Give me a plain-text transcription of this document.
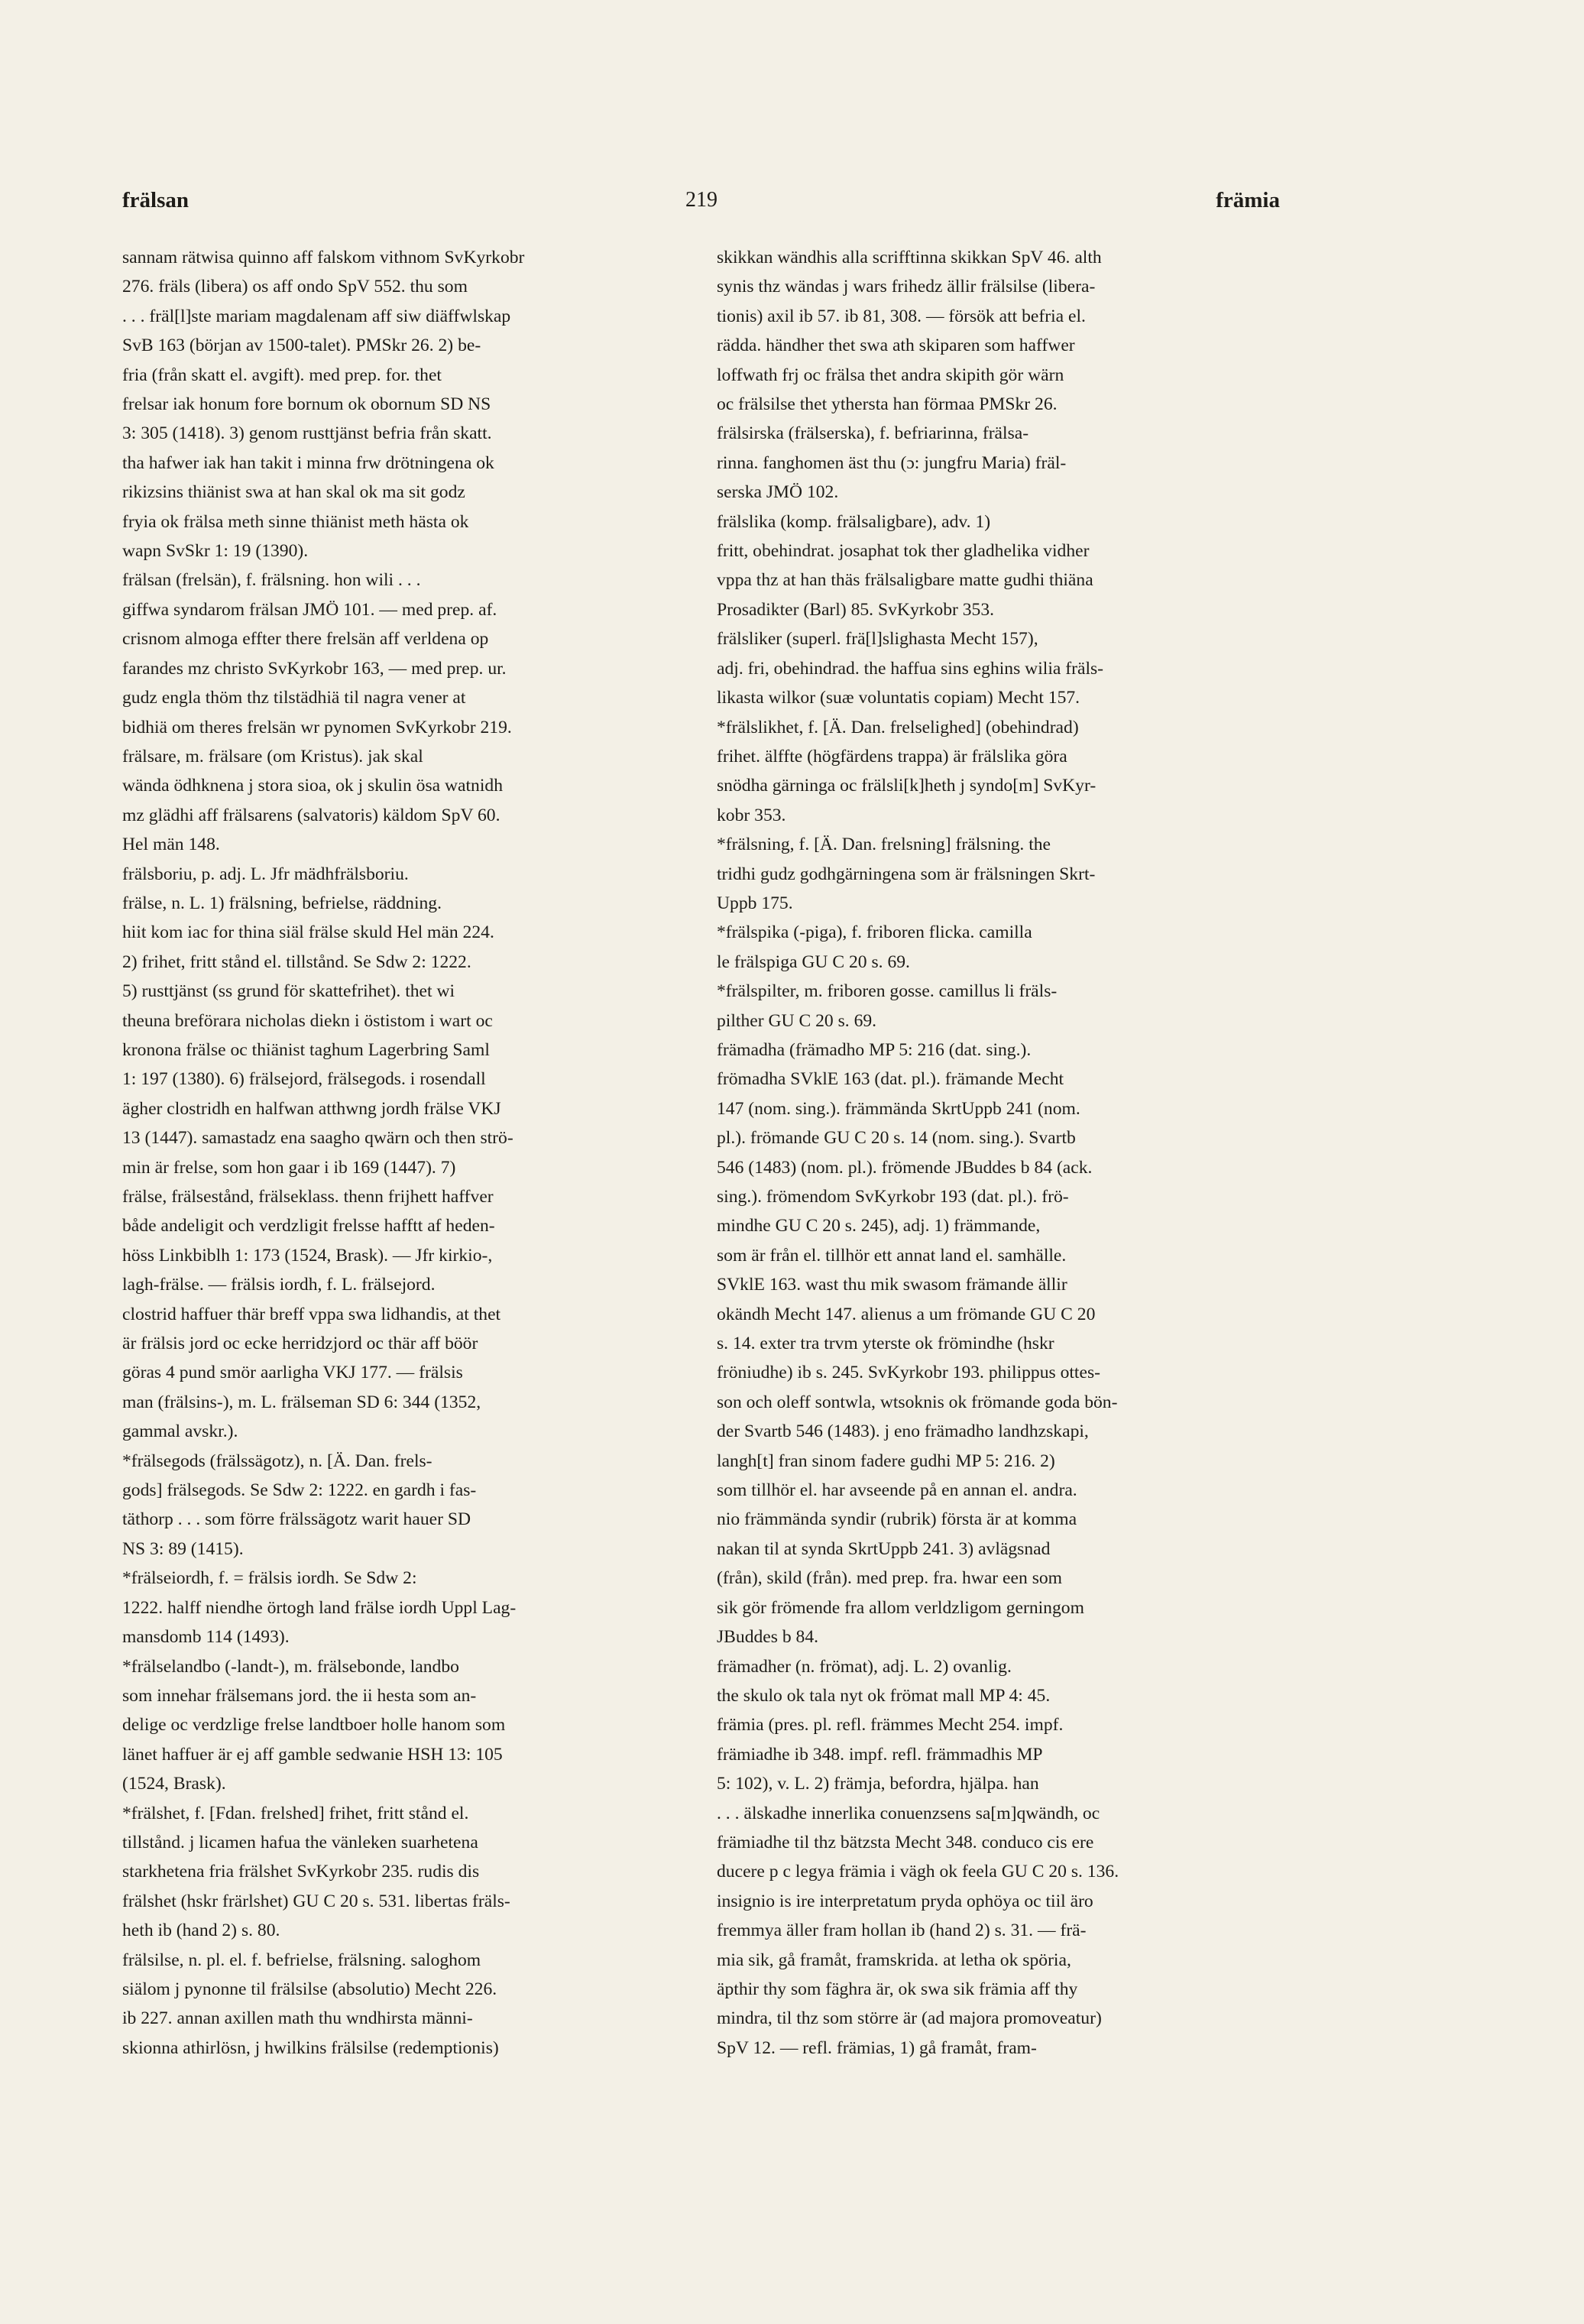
frälsan	219	främia
sannam rätwisa quinno aff falskom vithnom SvKyrkobr
276. fräls (libera) os aff ondo SpV 552. thu som
. . . fräl[l]ste mariam magdalenam aff siw diäffwlskap
SvB 163 (början av 1500-talet). PMSkr 26. 2) be-
fria (från skatt el. avgift). med prep. for. thet
frelsar iak honum fore bornum ok obornum SD NS
3: 305 (1418). 3) genom rusttjänst befria från skatt.
tha hafwer iak han takit i minna frw drötningena ok
rikizsins thiänist swa at han skal ok ma sit godz
fryia ok frälsa meth sinne thiänist meth hästa ok
wapn SvSkr 1: 19 (1390).
frälsan (frelsän), f. frälsning. hon wili . . .
giffwa syndarom frälsan JMÖ 101. — med prep. af.
crisnom almoga effter there frelsän aff verldena op
farandes mz christo SvKyrkobr 163, — med prep. ur.
gudz engla thöm thz tilstädhiä til nagra vener at
bidhiä om theres frelsän wr pynomen SvKyrkobr 219.
frälsare, m. frälsare (om Kristus). jak skal
wända ödhknena j stora sioa, ok j skulin ösa watnidh
mz glädhi aff frälsarens (salvatoris) käldom SpV 60.
Hel män 148.
frälsboriu, p. adj. L. Jfr mädhfrälsboriu.
frälse, n. L. 1) frälsning, befrielse, räddning.
hiit kom iac for thina siäl frälse skuld Hel män 224.
2) frihet, fritt stånd el. tillstånd. Se Sdw 2: 1222.
5) rusttjänst (ss grund för skattefrihet). thet wi
theuna breförara nicholas diekn i östistom i wart oc
kronona frälse oc thiänist taghum Lagerbring Saml
1: 197 (1380). 6) frälsejord, frälsegods. i rosendall
ägher clostridh en halfwan atthwng jordh frälse VKJ
13 (1447). samastadz ena saagho qwärn och then strö-
min är frelse, som hon gaar i ib 169 (1447). 7)
frälse, frälsestånd, frälseklass. thenn frijhett haffver
både andeligit och verdzligit frelsse hafftt af heden-
höss Linkbiblh 1: 173 (1524, Brask). — Jfr kirkio-,
lagh-frälse. — frälsis iordh, f. L. frälsejord.
clostrid haffuer thär breff vppa swa lidhandis, at thet
är frälsis jord oc ecke herridzjord oc thär aff böör
göras 4 pund smör aarligha VKJ 177. — frälsis
man (frälsins-), m. L. frälseman SD 6: 344 (1352,
gammal avskr.).
*frälsegods (frälssägotz), n. [Ä. Dan. frels-
gods] frälsegods. Se Sdw 2: 1222. en gardh i fas-
täthorp . . . som förre frälssägotz warit hauer SD
NS 3: 89 (1415).
*frälseiordh, f. = frälsis iordh. Se Sdw 2:
1222. halff niendhe örtogh land frälse iordh Uppl Lag-
mansdomb 114 (1493).
*frälselandbo (-landt-), m. frälsebonde, landbo
som innehar frälsemans jord. the ii hesta som an-
delige oc verdzlige frelse landtboer holle hanom som
länet haffuer är ej aff gamble sedwanie HSH 13: 105
(1524, Brask).
*frälshet, f. [Fdan. frelshed] frihet, fritt stånd el.
tillstånd. j licamen hafua the vänleken suarhetena
starkhetena fria frälshet SvKyrkobr 235. rudis dis
frälshet (hskr frärlshet) GU C 20 s. 531. libertas fräls-
heth ib (hand 2) s. 80.
frälsilse, n. pl. el. f. befrielse, frälsning. saloghom
siälom j pynonne til frälsilse (absolutio) Mecht 226.
ib 227. annan axillen math thu wndhirsta männi-
skionna athirlösn, j hwilkins frälsilse (redemptionis)
skikkan wändhis alla scrifftinna skikkan SpV 46. alth
synis thz wändas j wars frihedz ällir frälsilse (libera-
tionis) axil ib 57. ib 81, 308. — försök att befria el.
rädda. händher thet swa ath skiparen som haffwer
loffwath frj oc frälsa thet andra skipith gör wärn
oc frälsilse thet ythersta han förmaa PMSkr 26.
frälsirska (frälserska), f. befriarinna, frälsa-
rinna. fanghomen äst thu (ɔ: jungfru Maria) fräl-
serska JMÖ 102.
frälslika (komp. frälsaligbare), adv. 1)
fritt, obehindrat. josaphat tok ther gladhelika vidher
vppa thz at han thäs frälsaligbare matte gudhi thiäna
Prosadikter (Barl) 85. SvKyrkobr 353.
frälsliker (superl. frä[l]slighasta Mecht 157),
adj. fri, obehindrad. the haffua sins eghins wilia fräls-
likasta wilkor (suæ voluntatis copiam) Mecht 157.
*frälslikhet, f. [Ä. Dan. frelselighed] (obehindrad)
frihet. älffte (högfärdens trappa) är frälslika göra
snödha gärninga oc frälsli[k]heth j syndo[m] SvKyr-
kobr 353.
*frälsning, f. [Ä. Dan. frelsning] frälsning. the
tridhi gudz godhgärningena som är frälsningen Skrt-
Uppb 175.
*frälspika (-piga), f. friboren flicka. camilla
le frälspiga GU C 20 s. 69.
*frälspilter, m. friboren gosse. camillus li fräls-
pilther GU C 20 s. 69.
främadha (främadho MP 5: 216 (dat. sing.).
frömadha SVklE 163 (dat. pl.). främande Mecht
147 (nom. sing.). främmända SkrtUppb 241 (nom.
pl.). frömande GU C 20 s. 14 (nom. sing.). Svartb
546 (1483) (nom. pl.). frömende JBuddes b 84 (ack.
sing.). frömendom SvKyrkobr 193 (dat. pl.). frö-
mindhe GU C 20 s. 245), adj. 1) främmande,
som är från el. tillhör ett annat land el. samhälle.
SVklE 163. wast thu mik swasom främande ällir
okändh Mecht 147. alienus a um frömande GU C 20
s. 14. exter tra trvm yterste ok frömindhe (hskr
fröniudhe) ib s. 245. SvKyrkobr 193. philippus ottes-
son och oleff sontwla, wtsoknis ok frömande goda bön-
der Svartb 546 (1483). j eno främadho landhzskapi,
langh[t] fran sinom fadere gudhi MP 5: 216. 2)
som tillhör el. har avseende på en annan el. andra.
nio främmända syndir (rubrik) första är at komma
nakan til at synda SkrtUppb 241. 3) avlägsnad
(från), skild (från). med prep. fra. hwar een som
sik gör frömende fra allom verldzligom gerningom
JBuddes b 84.
främadher (n. frömat), adj. L. 2) ovanlig.
the skulo ok tala nyt ok frömat mall MP 4: 45.
främia (pres. pl. refl. främmes Mecht 254. impf.
främiadhe ib 348. impf. refl. främmadhis MP
5: 102), v. L. 2) främja, befordra, hjälpa. han
. . . älskadhe innerlika conuenzsens sa[m]qwändh, oc
främiadhe til thz bätzsta Mecht 348. conduco cis ere
ducere p c legya främia i vägh ok feela GU C 20 s. 136.
insignio is ire interpretatum pryda ophöya oc tiil äro
fremmya äller fram hollan ib (hand 2) s. 31. — frä-
mia sik, gå framåt, framskrida. at letha ok spöria,
äpthir thy som fäghra är, ok swa sik främia aff thy
mindra, til thz som större är (ad majora promoveatur)
SpV 12. — refl. främias, 1) gå framåt, fram-
